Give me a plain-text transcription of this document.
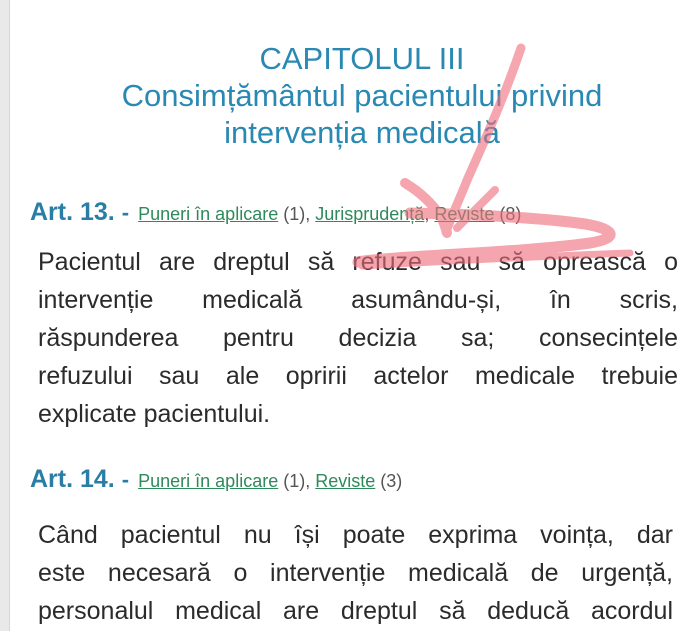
CAPITOLUL III
Consimțământul pacientului privind
intervenția medicală
Art. 13. - Puneri în aplicare (1), Jurisprudență, Reviste (8)
Pacientul are dreptul să refuze sau să oprească o
intervenție medicală asumându-și, în scris,
răspunderea pentru decizia sa; consecințele
refuzului sau ale opririi actelor medicale trebuie
explicate pacientului.
Art. 14. - Puneri în aplicare (1), Reviste (3)
Când pacientul nu își poate exprima voința, dar
este necesară o intervenție medicală de urgență,
personalul medical are dreptul să deducă acordul
